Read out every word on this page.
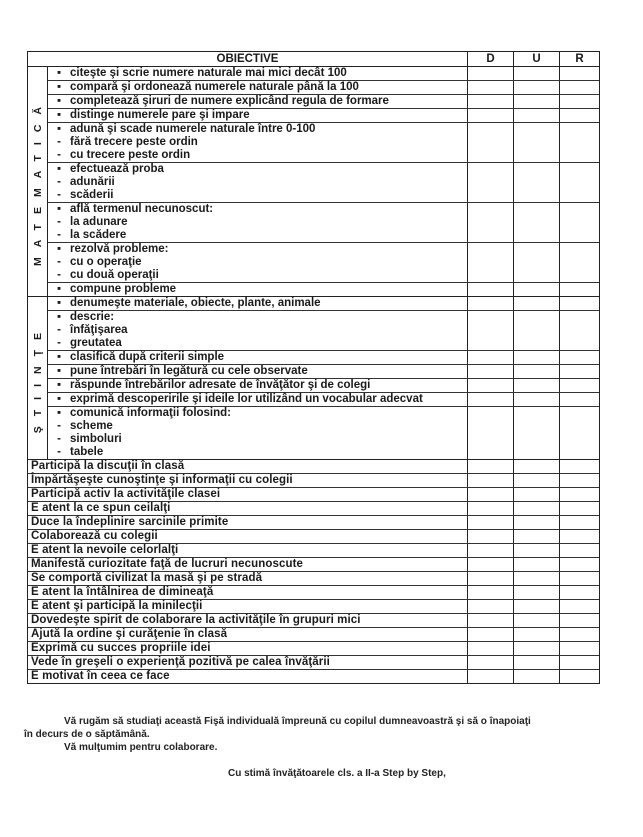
OBIECTIVE	D	U	R
MATEMATICĂ
▪ citeşte şi scrie numere naturale mai mici decât 100
▪ compară şi ordonează numerele naturale până la 100
▪ completează şiruri de numere explicând regula de formare
▪ distinge numerele pare şi impare
▪ adună şi scade numerele naturale între 0-100
- fără trecere peste ordin
- cu trecere peste ordin
▪ efectuează proba
- adunării
- scăderii
▪ află termenul necunoscut:
- la adunare
- la scădere
▪ rezolvă probleme:
- cu o operaţie
- cu două operaţii
▪ compune probleme
ŞTIINŢE
▪ denumeşte materiale, obiecte, plante, animale
▪ descrie:
- înfăţişarea
- greutatea
▪ clasifică după criterii simple
▪ pune întrebări în legătură cu cele observate
▪ răspunde întrebărilor adresate de învăţător şi de colegi
▪ exprimă descoperirile şi ideile lor utilizând un vocabular adecvat
▪ comunică informaţii folosind:
- scheme
- simboluri
- tabele
Participă la discuţii în clasă
Împărtăşeşte cunoştinţe şi informaţii cu colegii
Participă activ la activităţile clasei
E atent la ce spun ceilalţi
Duce la îndeplinire sarcinile primite
Colaborează cu colegii
E atent la nevoile celorlalţi
Manifestă curiozitate faţă de lucruri necunoscute
Se comportă civilizat la masă şi pe stradă
E atent la întâlnirea de dimineaţă
E atent şi participă la minilecţii
Dovedeşte spirit de colaborare la activităţile în grupuri mici
Ajută la ordine şi curăţenie în clasă
Exprimă cu succes propriile idei
Vede în greşeli o experienţă pozitivă pe calea învăţării
E motivat în ceea ce face
Vă rugăm să studiaţi această Fişă individuală împreună cu copilul dumneavoastră şi să o înapoiaţi
în decurs de o săptămână.
Vă mulţumim pentru colaborare.
Cu stimă învăţătoarele cls. a II-a Step by Step,
